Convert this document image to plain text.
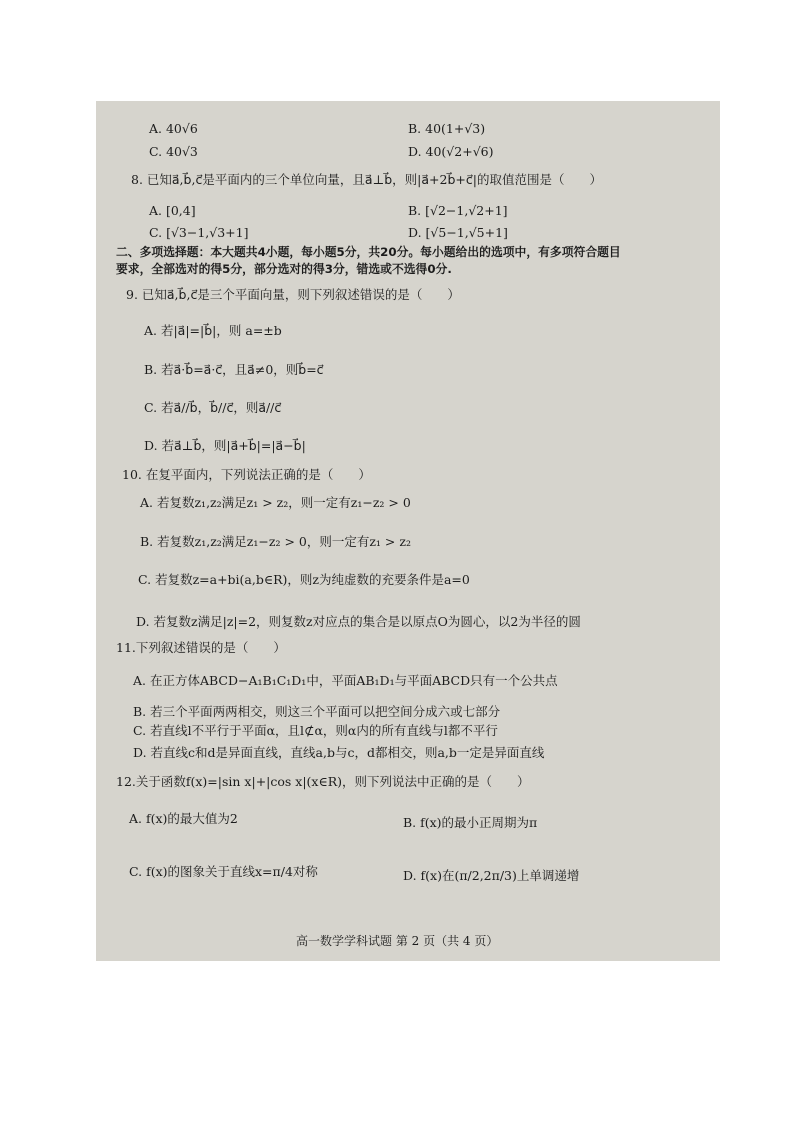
A. 40√6	B. 40(1+√3)
C. 40√3	D. 40(√2+√6)
8. 已知a⃗,b⃗,c⃗是平面内的三个单位向量，且a⃗⊥b⃗，则|a⃗+2b⃗+c⃗|的取值范围是（　　）
A. [0,4]	B. [√2−1,√2+1]
C. [√3−1,√3+1]	D. [√5−1,√5+1]
二、多项选择题：本大题共4小题，每小题5分，共20分。每小题给出的选项中，有多项符合题目
要求，全部选对的得5分，部分选对的得3分，错选或不选得0分.
9. 已知a⃗,b⃗,c⃗是三个平面向量，则下列叙述错误的是（　　）
A. 若|a⃗|=|b⃗|，则 a=±b
B. 若a⃗·b⃗=a⃗·c⃗，且a⃗≠0，则b⃗=c⃗
C. 若a⃗//b⃗，b⃗//c⃗，则a⃗//c⃗
D. 若a⃗⊥b⃗，则|a⃗+b⃗|=|a⃗−b⃗|
10. 在复平面内，下列说法正确的是（　　）
A. 若复数z₁,z₂满足z₁ > z₂，则一定有z₁−z₂ > 0
B. 若复数z₁,z₂满足z₁−z₂ > 0，则一定有z₁ > z₂
C. 若复数z=a+bi(a,b∈R)，则z为纯虚数的充要条件是a=0
D. 若复数z满足|z|=2，则复数z对应点的集合是以原点O为圆心，以2为半径的圆
11.下列叙述错误的是（　　）
A. 在正方体ABCD−A₁B₁C₁D₁中，平面AB₁D₁与平面ABCD只有一个公共点
B. 若三个平面两两相交，则这三个平面可以把空间分成六或七部分
C. 若直线l不平行于平面α，且l⊄α，则α内的所有直线与l都不平行
D. 若直线c和d是异面直线，直线a,b与c，d都相交，则a,b一定是异面直线
12.关于函数f(x)=|sin x|+|cos x|(x∈R)，则下列说法中正确的是（　　）
A. f(x)的最大值为2	B. f(x)的最小正周期为π
C. f(x)的图象关于直线x=π/4对称	D. f(x)在(π/2,2π/3)上单调递增
高一数学学科试题 第 2 页（共 4 页）
